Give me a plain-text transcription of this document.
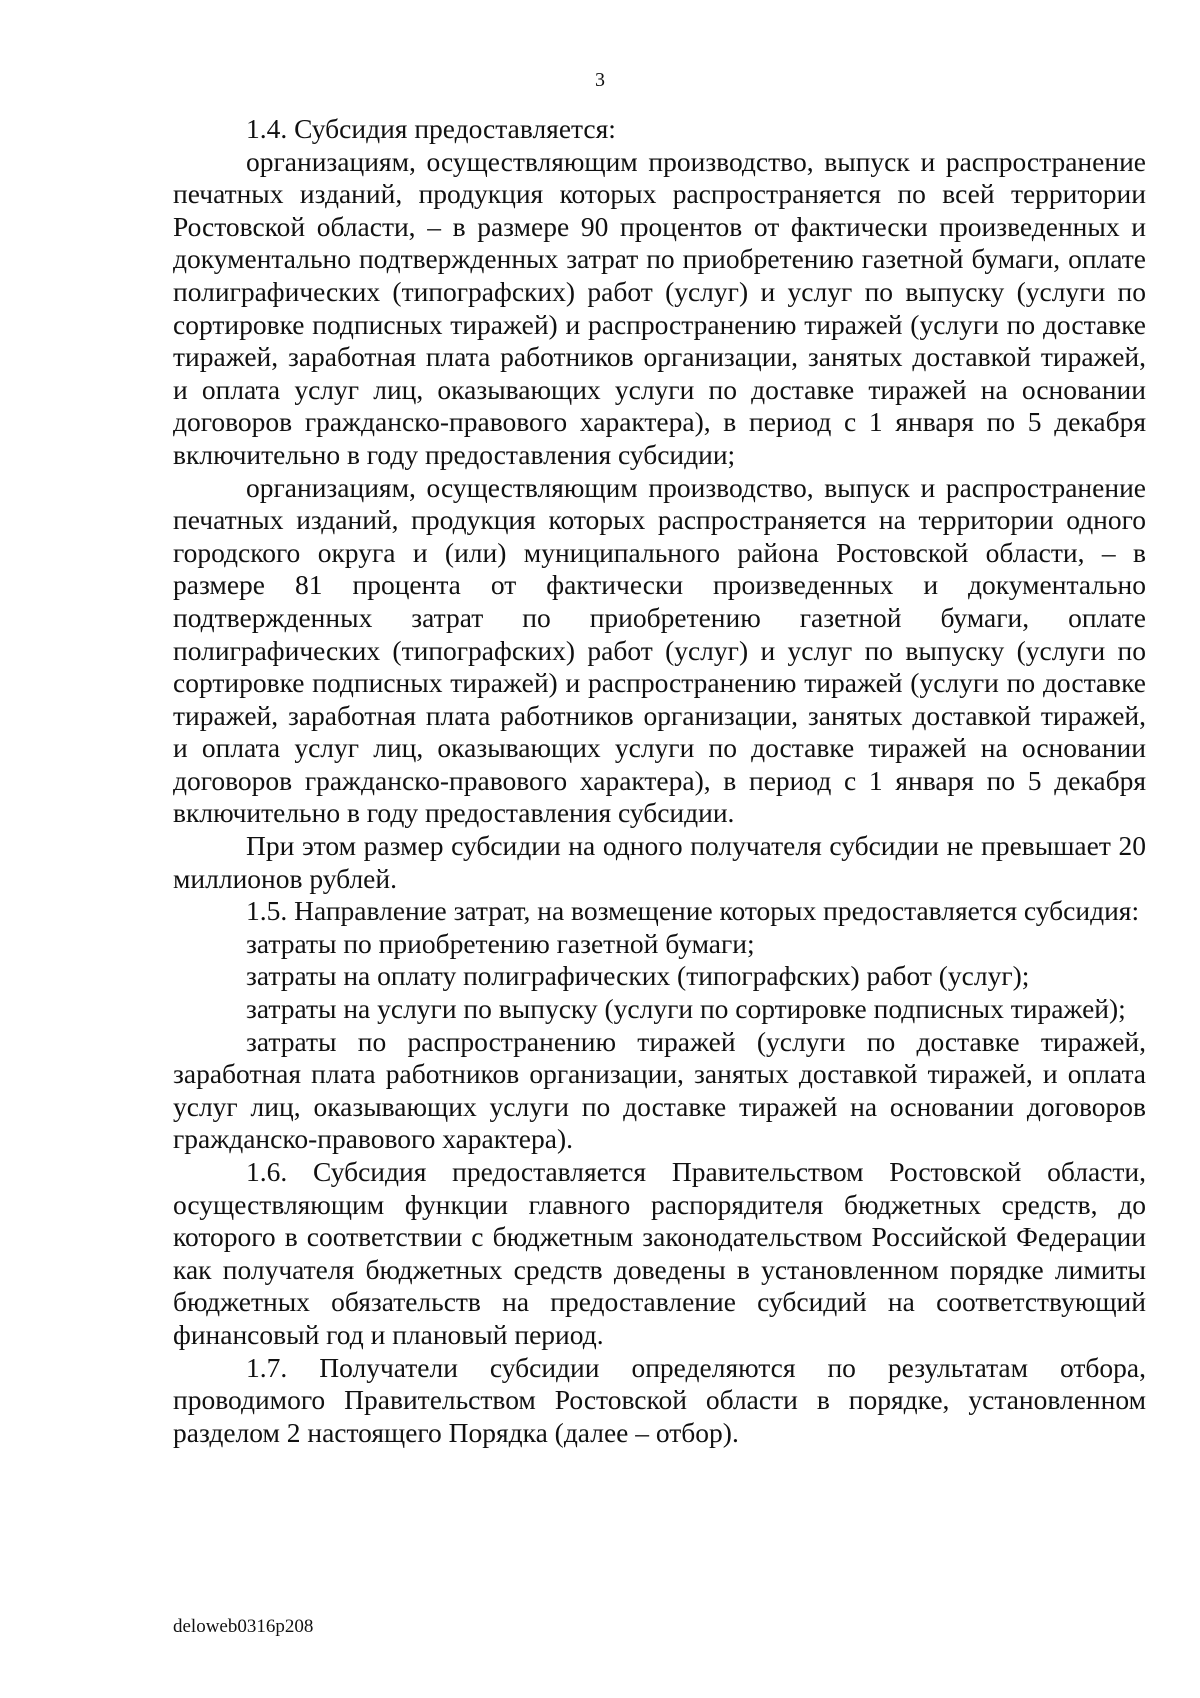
3

1.4. Субсидия предоставляется:

организациям, осуществляющим производство, выпуск и распространение печатных изданий, продукция которых распространяется по всей территории Ростовской области, – в размере 90 процентов от фактически произведенных и документально подтвержденных затрат по приобретению газетной бумаги, оплате полиграфических (типографских) работ (услуг) и услуг по выпуску (услуги по сортировке подписных тиражей) и распространению тиражей (услуги по доставке тиражей, заработная плата работников организации, занятых доставкой тиражей, и оплата услуг лиц, оказывающих услуги по доставке тиражей на основании договоров гражданско-правового характера), в период с 1 января по 5 декабря включительно в году предоставления субсидии;

организациям, осуществляющим производство, выпуск и распространение печатных изданий, продукция которых распространяется на территории одного городского округа и (или) муниципального района Ростовской области, – в размере 81 процента от фактически произведенных и документально подтвержденных затрат по приобретению газетной бумаги, оплате полиграфических (типографских) работ (услуг) и услуг по выпуску (услуги по сортировке подписных тиражей) и распространению тиражей (услуги по доставке тиражей, заработная плата работников организации, занятых доставкой тиражей, и оплата услуг лиц, оказывающих услуги по доставке тиражей на основании договоров гражданско-правового характера), в период с 1 января по 5 декабря включительно в году предоставления субсидии.

При этом размер субсидии на одного получателя субсидии не превышает 20 миллионов рублей.

1.5. Направление затрат, на возмещение которых предоставляется субсидия:

затраты по приобретению газетной бумаги;

затраты на оплату полиграфических (типографских) работ (услуг);

затраты на услуги по выпуску (услуги по сортировке подписных тиражей);

затраты по распространению тиражей (услуги по доставке тиражей, заработная плата работников организации, занятых доставкой тиражей, и оплата услуг лиц, оказывающих услуги по доставке тиражей на основании договоров гражданско-правового характера).

1.6. Субсидия предоставляется Правительством Ростовской области, осуществляющим функции главного распорядителя бюджетных средств, до которого в соответствии с бюджетным законодательством Российской Федерации как получателя бюджетных средств доведены в установленном порядке лимиты бюджетных обязательств на предоставление субсидий на соответствующий финансовый год и плановый период.

1.7. Получатели субсидии определяются по результатам отбора, проводимого Правительством Ростовской области в порядке, установленном разделом 2 настоящего Порядка (далее – отбор).

deloweb0316p208
